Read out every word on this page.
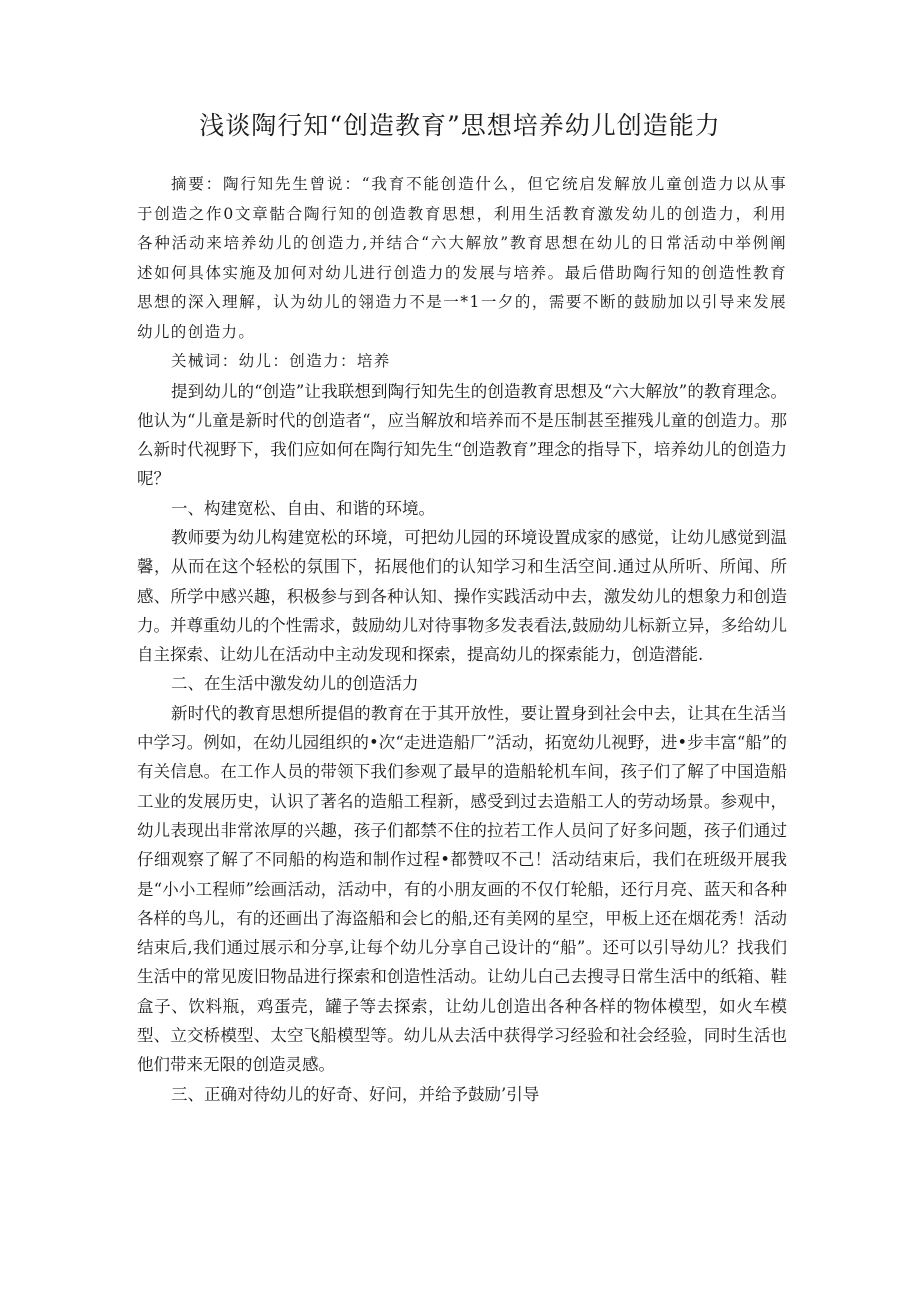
浅谈陶行知“创造教育”思想培养幼儿创造能力

摘要：陶行知先生曾说：“我育不能创造什么，但它统启发解放儿童创造力以从事于创造之作0文章骷合陶行知的创造教育思想，利用生活教育激发幼儿的创造力，利用各种活动来培养幼儿的创造力,并结合“六大解放”教育思想在幼儿的日常活动中举例阐述如何具体实施及加何对幼儿进行创造力的发展与培养。最后借助陶行知的创造性教育思想的深入理解，认为幼儿的翎造力不是一*1一夕的，需要不断的鼓励加以引导来发展幼儿的创造力。

关械词：幼儿：创造力：培养

提到幼儿的“创造”让我联想到陶行知先生的创造教育思想及“六大解放”的教育理念。他认为“儿童是新时代的创造者“，应当解放和培养而不是压制甚至摧残儿童的创造力。那么新时代视野下，我们应如何在陶行知先生“创造教育”理念的指导下，培养幼儿的创造力呢？

一、构建宽松、自由、和谐的环境。

教师要为幼儿构建宽松的环境，可把幼儿园的环境设置成家的感觉，让幼儿感觉到温馨，从而在这个轻松的氛围下，拓展他们的认知学习和生活空间.通过从所听、所闻、所感、所学中感兴趣，积极参与到各种认知、操作实践活动中去，激发幼儿的想象力和创造力。并尊重幼儿的个性需求，鼓励幼儿对待事物多发表看法,鼓励幼儿标新立异，多给幼儿自主探索、让幼儿在活动中主动发现和探索，提高幼儿的探索能力，创造潜能.

二、在生活中激发幼儿的创造活力

新时代的教育思想所提倡的教育在于其开放性，要让置身到社会中去，让其在生活当中学习。例如，在幼儿园组织的•次“走进造船厂”活动，拓宽幼儿视野，进•步丰富“船”的有关信息。在工作人员的带领下我们参观了最早的造船轮机车间，孩子们了解了中国造船工业的发展历史，认识了著名的造船工程新，感受到过去造船工人的劳动场景。参观中，幼儿表现出非常浓厚的兴趣，孩子们都禁不住的拉若工作人员问了好多问题，孩子们通过仔细观察了解了不同船的构造和制作过程•都赞叹不己！活动结束后，我们在班级开展我是“小小工程师”绘画活动，活动中，有的小朋友画的不仅仃轮船，还行月亮、蓝天和各种各样的鸟儿，有的还画出了海盗船和会匕的船,还有美网的星空，甲板上还在烟花秀！活动结束后,我们通过展示和分享,让每个幼儿分享自己设计的“船”。还可以引导幼儿？找我们生活中的常见废旧物品进行探索和创造性活动。让幼儿白己去搜寻日常生活中的纸箱、鞋盒子、饮料瓶，鸡蛋壳，罐子等去探索，让幼儿创造出各种各样的物体模型，如火车模型、立交桥模型、太空飞船模型等。幼儿从去活中获得学习经验和社会经验，同时生活也他们带来无限的创造灵感。

三、正确对待幼儿的好奇、好问，并给予鼓励’引导
